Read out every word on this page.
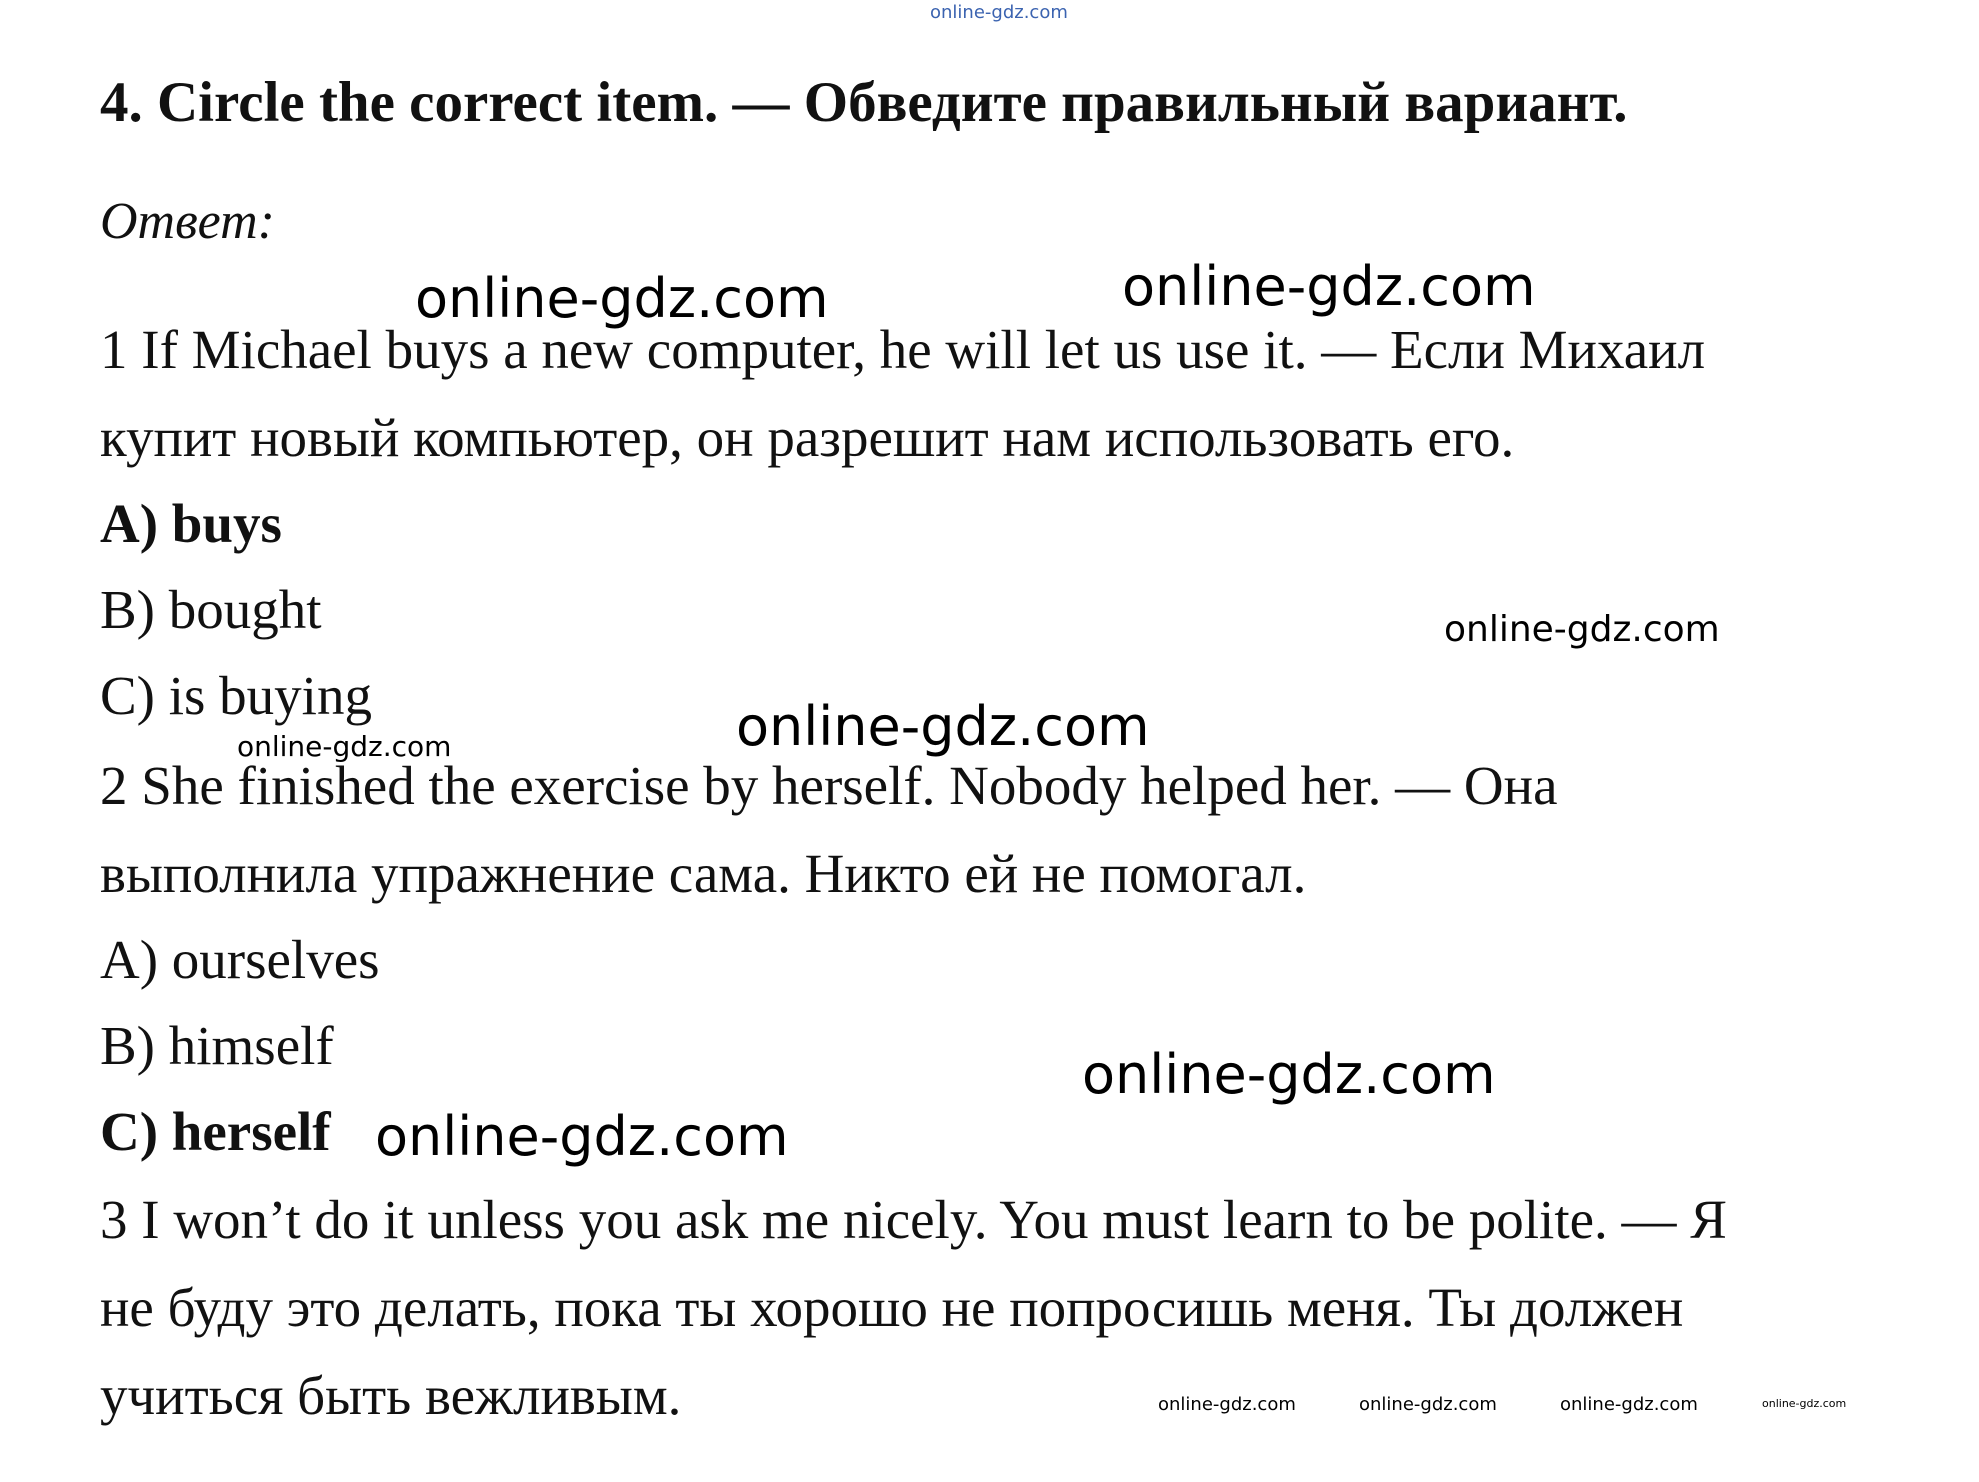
online-gdz.com
4. Circle the correct item. — Обведите правильный вариант.
Ответ:
1 If Michael buys a new computer, he will let us use it. — Если Михаил
купит новый компьютер, он разрешит нам использовать его.
A) buys
B) bought
C) is buying
2 She finished the exercise by herself. Nobody helped her. — Она
выполнила упражнение сама. Никто ей не помогал.
A) ourselves
B) himself
C) herself
3 I won’t do it unless you ask me nicely. You must learn to be polite. — Я
не буду это делать, пока ты хорошо не попросишь меня. Ты должен
учиться быть вежливым.
online-gdz.com	online-gdz.com
online-gdz.com
online-gdz.com	online-gdz.com
online-gdz.com
online-gdz.com
online-gdz.com	online-gdz.com	online-gdz.com	online-gdz.com
